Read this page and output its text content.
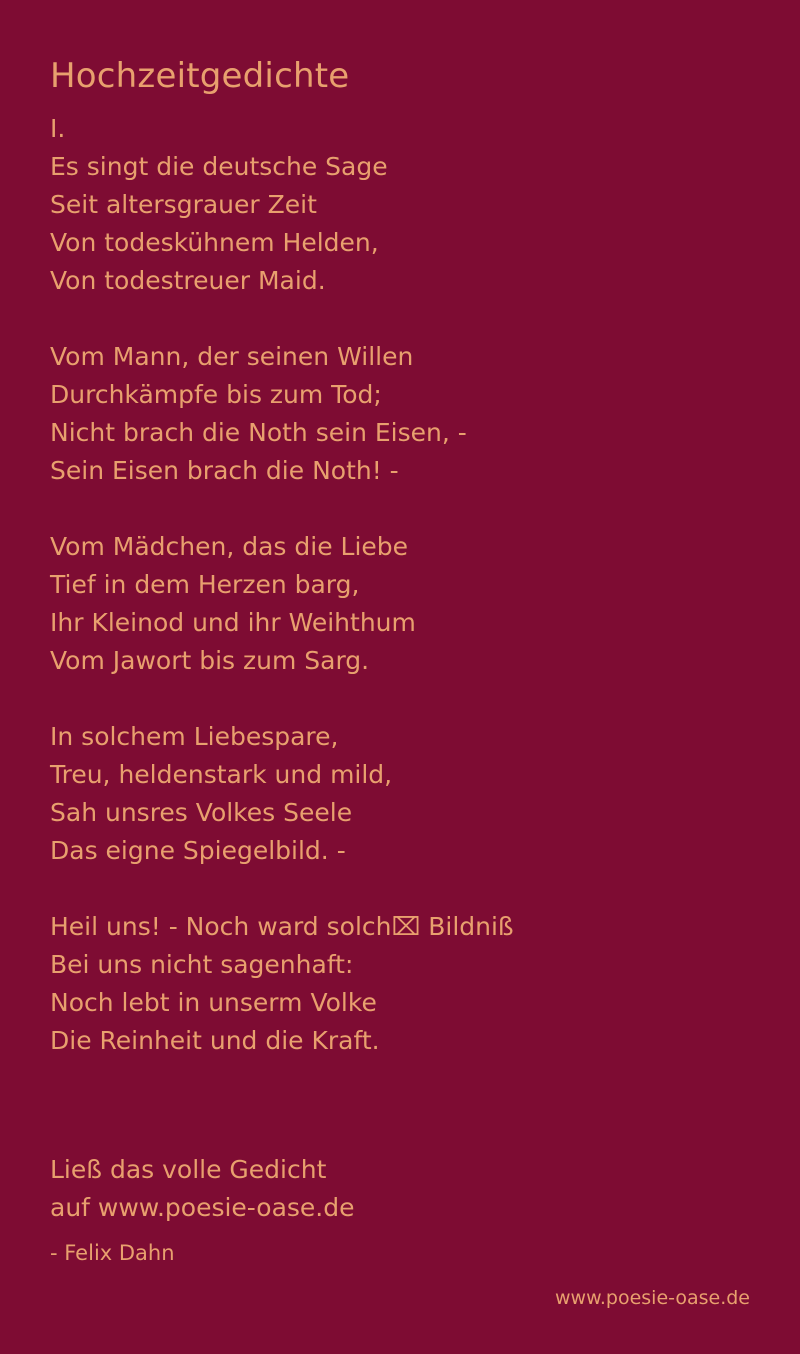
Hochzeitgedichte
I.
Es singt die deutsche Sage
Seit altersgrauer Zeit
Von todeskühnem Helden,
Von todestreuer Maid.
Vom Mann, der seinen Willen
Durchkämpfe bis zum Tod;
Nicht brach die Noth sein Eisen, -
Sein Eisen brach die Noth! -
Vom Mädchen, das die Liebe
Tief in dem Herzen barg,
Ihr Kleinod und ihr Weihthum
Vom Jawort bis zum Sarg.
In solchem Liebespare,
Treu, heldenstark und mild,
Sah unsres Volkes Seele
Das eigne Spiegelbild. -
Heil uns! - Noch ward solch⌧ Bildniß
Bei uns nicht sagenhaft:
Noch lebt in unserm Volke
Die Reinheit und die Kraft.
Ließ das volle Gedicht
auf www.poesie-oase.de
- Felix Dahn
www.poesie-oase.de
